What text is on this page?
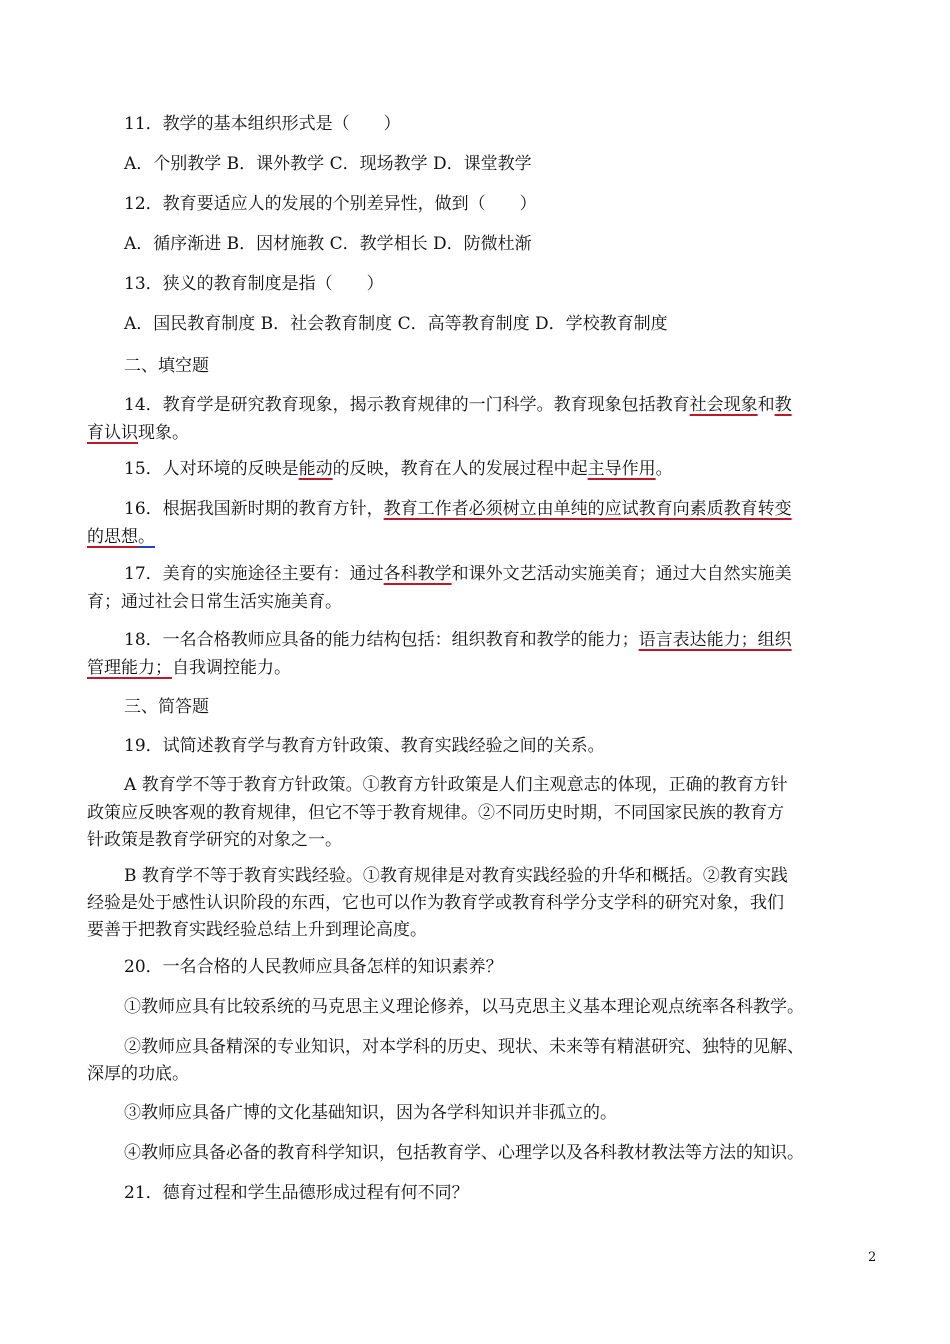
11．教学的基本组织形式是（　　）
A．个别教学 B．课外教学 C．现场教学 D．课堂教学
12．教育要适应人的发展的个别差异性，做到（　　）
A．循序渐进 B．因材施教 C．教学相长 D．防微杜渐
13．狭义的教育制度是指（　　）
A．国民教育制度 B．社会教育制度 C．高等教育制度 D．学校教育制度
二、填空题
14．教育学是研究教育现象，揭示教育规律的一门科学。教育现象包括教育社会现象和教
育认识现象。
15．人对环境的反映是能动的反映，教育在人的发展过程中起主导作用。
16．根据我国新时期的教育方针，教育工作者必须树立由单纯的应试教育向素质教育转变
的思想。
17．美育的实施途径主要有：通过各科教学和课外文艺活动实施美育；通过大自然实施美
育；通过社会日常生活实施美育。
18．一名合格教师应具备的能力结构包括：组织教育和教学的能力；语言表达能力；组织
管理能力；自我调控能力。
三、简答题
19．试简述教育学与教育方针政策、教育实践经验之间的关系。
A 教育学不等于教育方针政策。①教育方针政策是人们主观意志的体现，正确的教育方针
政策应反映客观的教育规律，但它不等于教育规律。②不同历史时期，不同国家民族的教育方
针政策是教育学研究的对象之一。
B 教育学不等于教育实践经验。①教育规律是对教育实践经验的升华和概括。②教育实践
经验是处于感性认识阶段的东西，它也可以作为教育学或教育科学分支学科的研究对象，我们
要善于把教育实践经验总结上升到理论高度。
20．一名合格的人民教师应具备怎样的知识素养？
①教师应具有比较系统的马克思主义理论修养，以马克思主义基本理论观点统率各科教学。
②教师应具备精深的专业知识，对本学科的历史、现状、未来等有精湛研究、独特的见解、
深厚的功底。
③教师应具备广博的文化基础知识，因为各学科知识并非孤立的。
④教师应具备必备的教育科学知识，包括教育学、心理学以及各科教材教法等方法的知识。
21．德育过程和学生品德形成过程有何不同？
2
